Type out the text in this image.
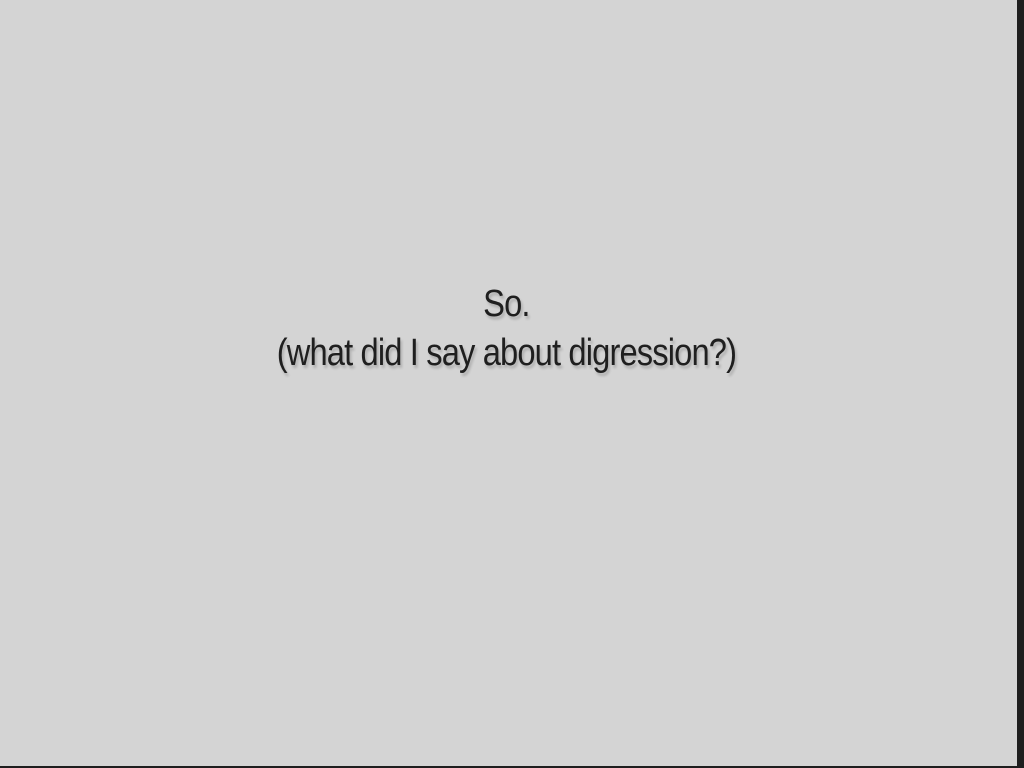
So.
(what did I say about digression?)
